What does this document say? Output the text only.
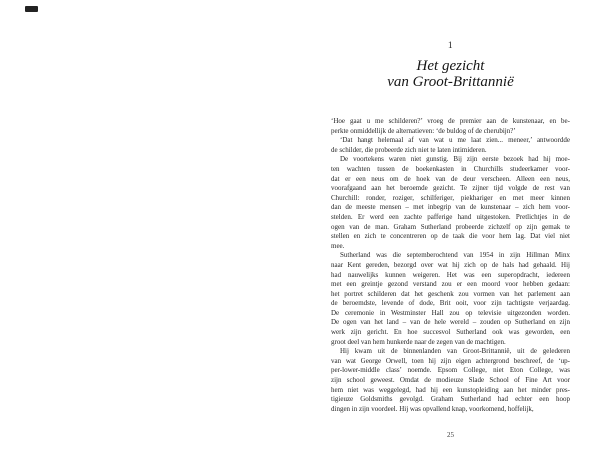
1
Het gezicht
van Groot-Brittannië
‘Hoe gaat u me schilderen?’ vroeg de premier aan de kunstenaar, en be-
perkte onmiddellijk de alternatieven: ‘de buldog of de cherubijn?’
‘Dat hangt helemaal af van wat u me laat zien... meneer,’ antwoordde
de schilder, die probeerde zich niet te laten intimideren.
De voortekens waren niet gunstig. Bij zijn eerste bezoek had hij moe-
ten wachten tussen de boekenkasten in Churchills studeerkamer voor-
dat er een neus om de hoek van de deur verscheen. Alleen een neus,
voorafgaand aan het beroemde gezicht. Te zijner tijd volgde de rest van
Churchill: ronder, roziger, schilferiger, piekhariger en met meer kinnen
dan de meeste mensen – met inbegrip van de kunstenaar – zich hem voor-
stelden. Er werd een zachte pafferige hand uitgestoken. Pretlichtjes in de
ogen van de man. Graham Sutherland probeerde zichzelf op zijn gemak te
stellen en zich te concentreren op de taak die voor hem lag. Dat viel niet
mee.
Sutherland was die septemberochtend van 1954 in zijn Hillman Minx
naar Kent gereden, bezorgd over wat hij zich op de hals had gehaald. Hij
had nauwelijks kunnen weigeren. Het was een superopdracht, iedereen
met een greintje gezond verstand zou er een moord voor hebben gedaan:
het portret schilderen dat het geschenk zou vormen van het parlement aan
de beroemdste, levende of dode, Brit ooit, voor zijn tachtigste verjaardag.
De ceremonie in Westminster Hall zou op televisie uitgezonden worden.
De ogen van het land – van de hele wereld – zouden op Sutherland en zijn
werk zijn gericht. En hoe succesvol Sutherland ook was geworden, een
groot deel van hem hunkerde naar de zegen van de machtigen.
Hij kwam uit de binnenlanden van Groot-Brittannië, uit de gelederen
van wat George Orwell, toen hij zijn eigen achtergrond beschreef, de ‘up-
per-lower-middle class’ noemde. Epsom College, niet Eton College, was
zijn school geweest. Omdat de modieuze Slade School of Fine Art voor
hem niet was weggelegd, had hij een kunstopleiding aan het minder pres-
tigieuze Goldsmiths gevolgd. Graham Sutherland had echter een hoop
dingen in zijn voordeel. Hij was opvallend knap, voorkomend, hoffelijk,
25
